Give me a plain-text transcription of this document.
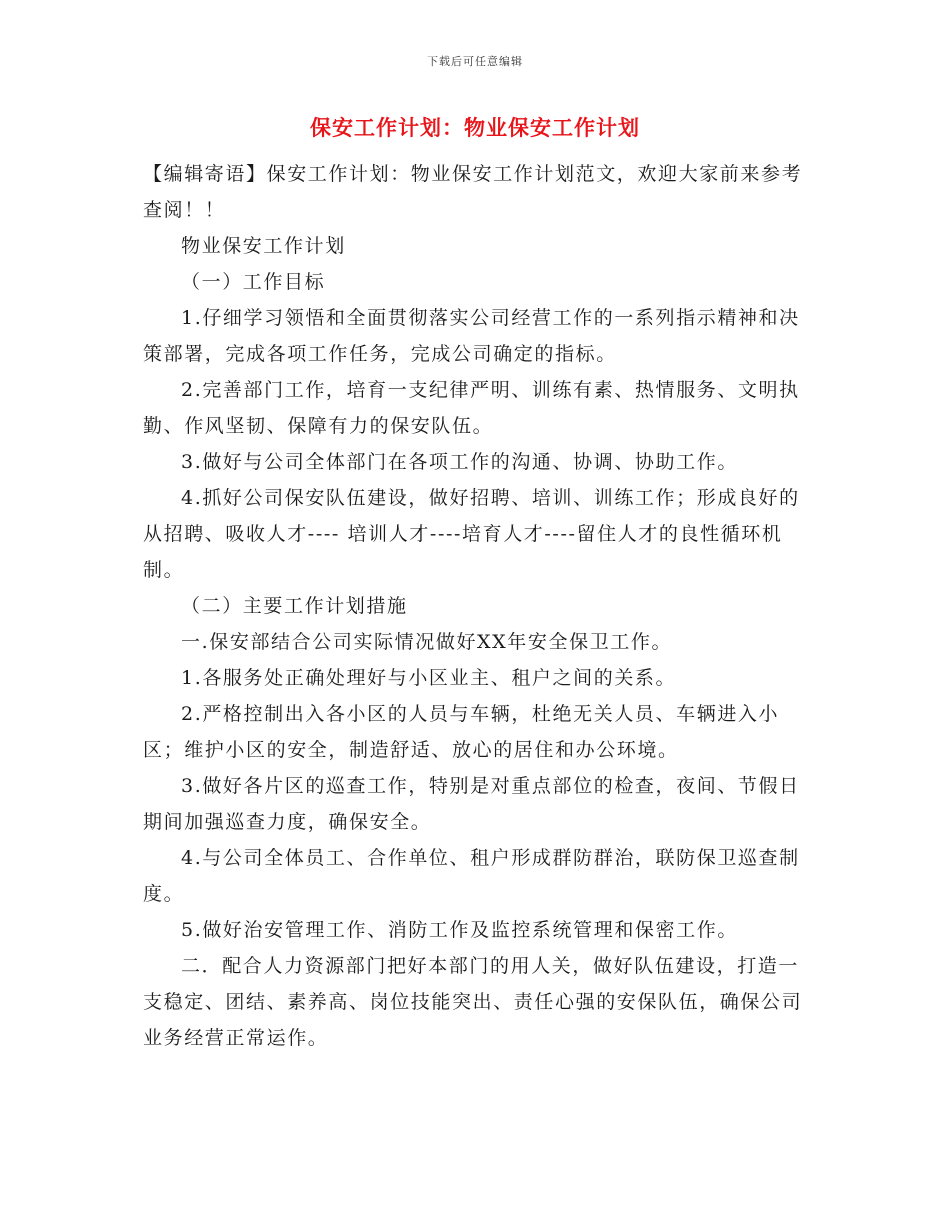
下载后可任意编辑
保安工作计划：物业保安工作计划

【编辑寄语】保安工作计划：物业保安工作计划范文，欢迎大家前来参考查阅！！

物业保安工作计划

（一）工作目标

1.仔细学习领悟和全面贯彻落实公司经营工作的一系列指示精神和决策部署，完成各项工作任务，完成公司确定的指标。

2.完善部门工作，培育一支纪律严明、训练有素、热情服务、文明执勤、作风坚韧、保障有力的保安队伍。

3.做好与公司全体部门在各项工作的沟通、协调、协助工作。

4.抓好公司保安队伍建设，做好招聘、培训、训练工作；形成良好的从招聘、吸收人才---- 培训人才----培育人才----留住人才的良性循环机制。

（二）主要工作计划措施

一.保安部结合公司实际情况做好XX年安全保卫工作。

1.各服务处正确处理好与小区业主、租户之间的关系。

2.严格控制出入各小区的人员与车辆，杜绝无关人员、车辆进入小区；维护小区的安全，制造舒适、放心的居住和办公环境。

3.做好各片区的巡查工作，特别是对重点部位的检查，夜间、节假日期间加强巡查力度，确保安全。

4.与公司全体员工、合作单位、租户形成群防群治，联防保卫巡查制度。

5.做好治安管理工作、消防工作及监控系统管理和保密工作。

二．配合人力资源部门把好本部门的用人关，做好队伍建设，打造一支稳定、团结、素养高、岗位技能突出、责任心强的安保队伍，确保公司业务经营正常运作。
